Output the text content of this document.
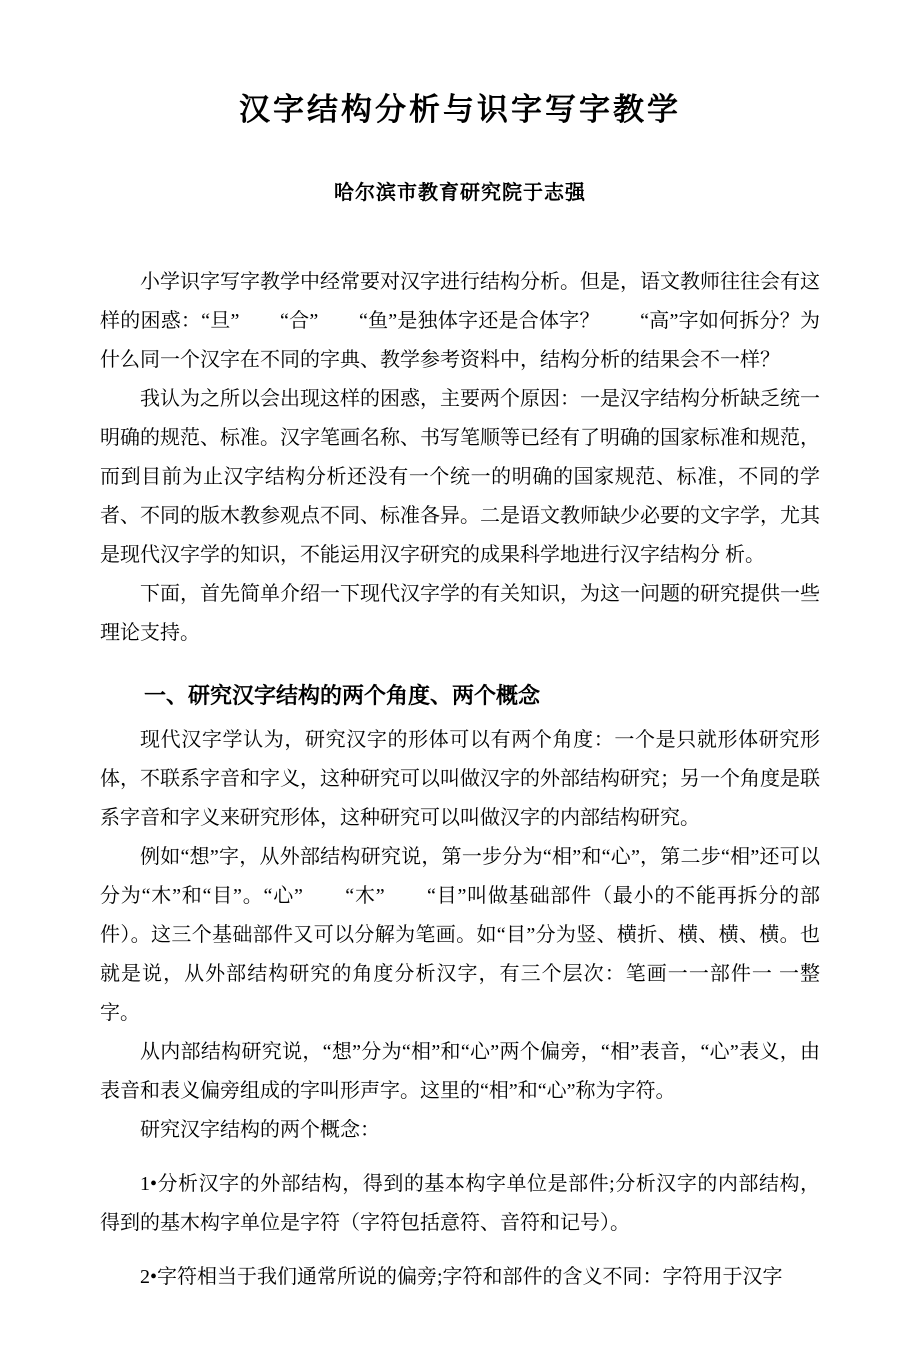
汉字结构分析与识字写字教学
哈尔滨市教育研究院于志强

小学识字写字教学中经常要对汉字进行结构分析。但是，语文教师往往会有这样的困惑：“旦”　　“合”　　“鱼”是独体字还是合体字？　　“高”字如何拆分？为什么同一个汉字在不同的字典、教学参考资料中，结构分析的结果会不一样？

我认为之所以会出现这样的困惑，主要两个原因：一是汉字结构分析缺乏统一明确的规范、标准。汉字笔画名称、书写笔顺等已经有了明确的国家标准和规范，而到目前为止汉字结构分析还没有一个统一的明确的国家规范、标准，不同的学者、不同的版木教参观点不同、标准各异。二是语文教师缺少必要的文字学，尤其是现代汉字学的知识，不能运用汉字研究的成果科学地进行汉字结构分 析。

下面，首先简单介绍一下现代汉字学的有关知识，为这一问题的研究提供一些理论支持。

一、研究汉字结构的两个角度、两个概念

现代汉字学认为，研究汉字的形体可以有两个角度：一个是只就形体研究形体，不联系字音和字义，这种研究可以叫做汉字的外部结构研究；另一个角度是联系字音和字义来研究形体，这种研究可以叫做汉字的内部结构研究。

例如“想”字，从外部结构研究说，第一步分为“相”和“心”，第二步“相”还可以分为“木”和“目”。“心”　　“木”　　“目”叫做基础部件（最小的不能再拆分的部件）。这三个基础部件又可以分解为笔画。如“目”分为竖、横折、横、横、横。也就是说，从外部结构研究的角度分析汉字，有三个层次：笔画一一部件一 一整字。

从内部结构研究说，“想”分为“相”和“心”两个偏旁，“相”表音，“心”表义，由表音和表义偏旁组成的字叫形声字。这里的“相”和“心”称为字符。

研究汉字结构的两个概念：

1•分析汉字的外部结构，得到的基本构字单位是部件;分析汉字的内部结构，得到的基木构字单位是字符（字符包括意符、音符和记号）。

2•字符相当于我们通常所说的偏旁;字符和部件的含义不同：字符用于汉字
